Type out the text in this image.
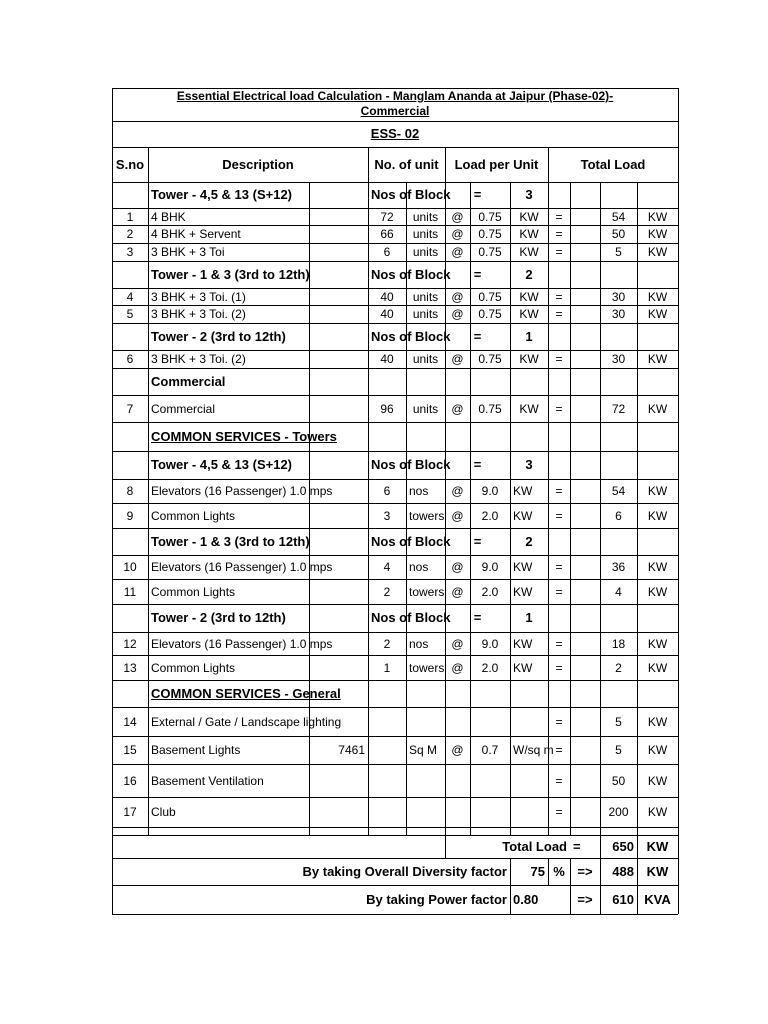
Essential Electrical load Calculation - Manglam Ananda at Jaipur (Phase-02)-
Commercial
ESS- 02
S.no	Description	No. of unit	Load per Unit	Total Load
Tower - 4,5 & 13 (S+12)	Nos of Block	=	3
1	4 BHK	72	units	@	0.75	KW	=	54	KW
2	4 BHK + Servent	66	units	@	0.75	KW	=	50	KW
3	3 BHK + 3 Toi	6	units	@	0.75	KW	=	5	KW
Tower - 1 & 3 (3rd to 12th)	Nos of Block	=	2
4	3 BHK + 3 Toi. (1)	40	units	@	0.75	KW	=	30	KW
5	3 BHK + 3 Toi. (2)	40	units	@	0.75	KW	=	30	KW
Tower - 2 (3rd to 12th)	Nos of Block	=	1
6	3 BHK + 3 Toi. (2)	40	units	@	0.75	KW	=	30	KW
Commercial
7	Commercial	96	units	@	0.75	KW	=	72	KW
COMMON SERVICES - Towers
Tower - 4,5 & 13 (S+12)	Nos of Block	=	3
8	Elevators (16 Passenger) 1.0 mps	6	nos	@	9.0	KW	=	54	KW
9	Common Lights	3	towers @	2.0	KW	=	6	KW
Tower - 1 & 3 (3rd to 12th)	Nos of Block	=	2
10	Elevators (16 Passenger) 1.0 mps	4	nos	@	9.0	KW	=	36	KW
11	Common Lights	2	towers @	2.0	KW	=	4	KW
Tower - 2 (3rd to 12th)	Nos of Block	=	1
12	Elevators (16 Passenger) 1.0 mps	2	nos	@	9.0	KW	=	18	KW
13	Common Lights	1	towers @	2.0	KW	=	2	KW
COMMON SERVICES - General
14	External / Gate / Landscape lighting	=	5	KW
15	Basement Lights	7461	Sq M	@	0.7	W/sq m =	5	KW
16	Basement Ventilation	=	50	KW
17	Club	=	200	KW
Total Load = 650 KW
By taking Overall Diversity factor 75 % =>	488 KW
By taking Power factor 0.80	=>	610 KVA
